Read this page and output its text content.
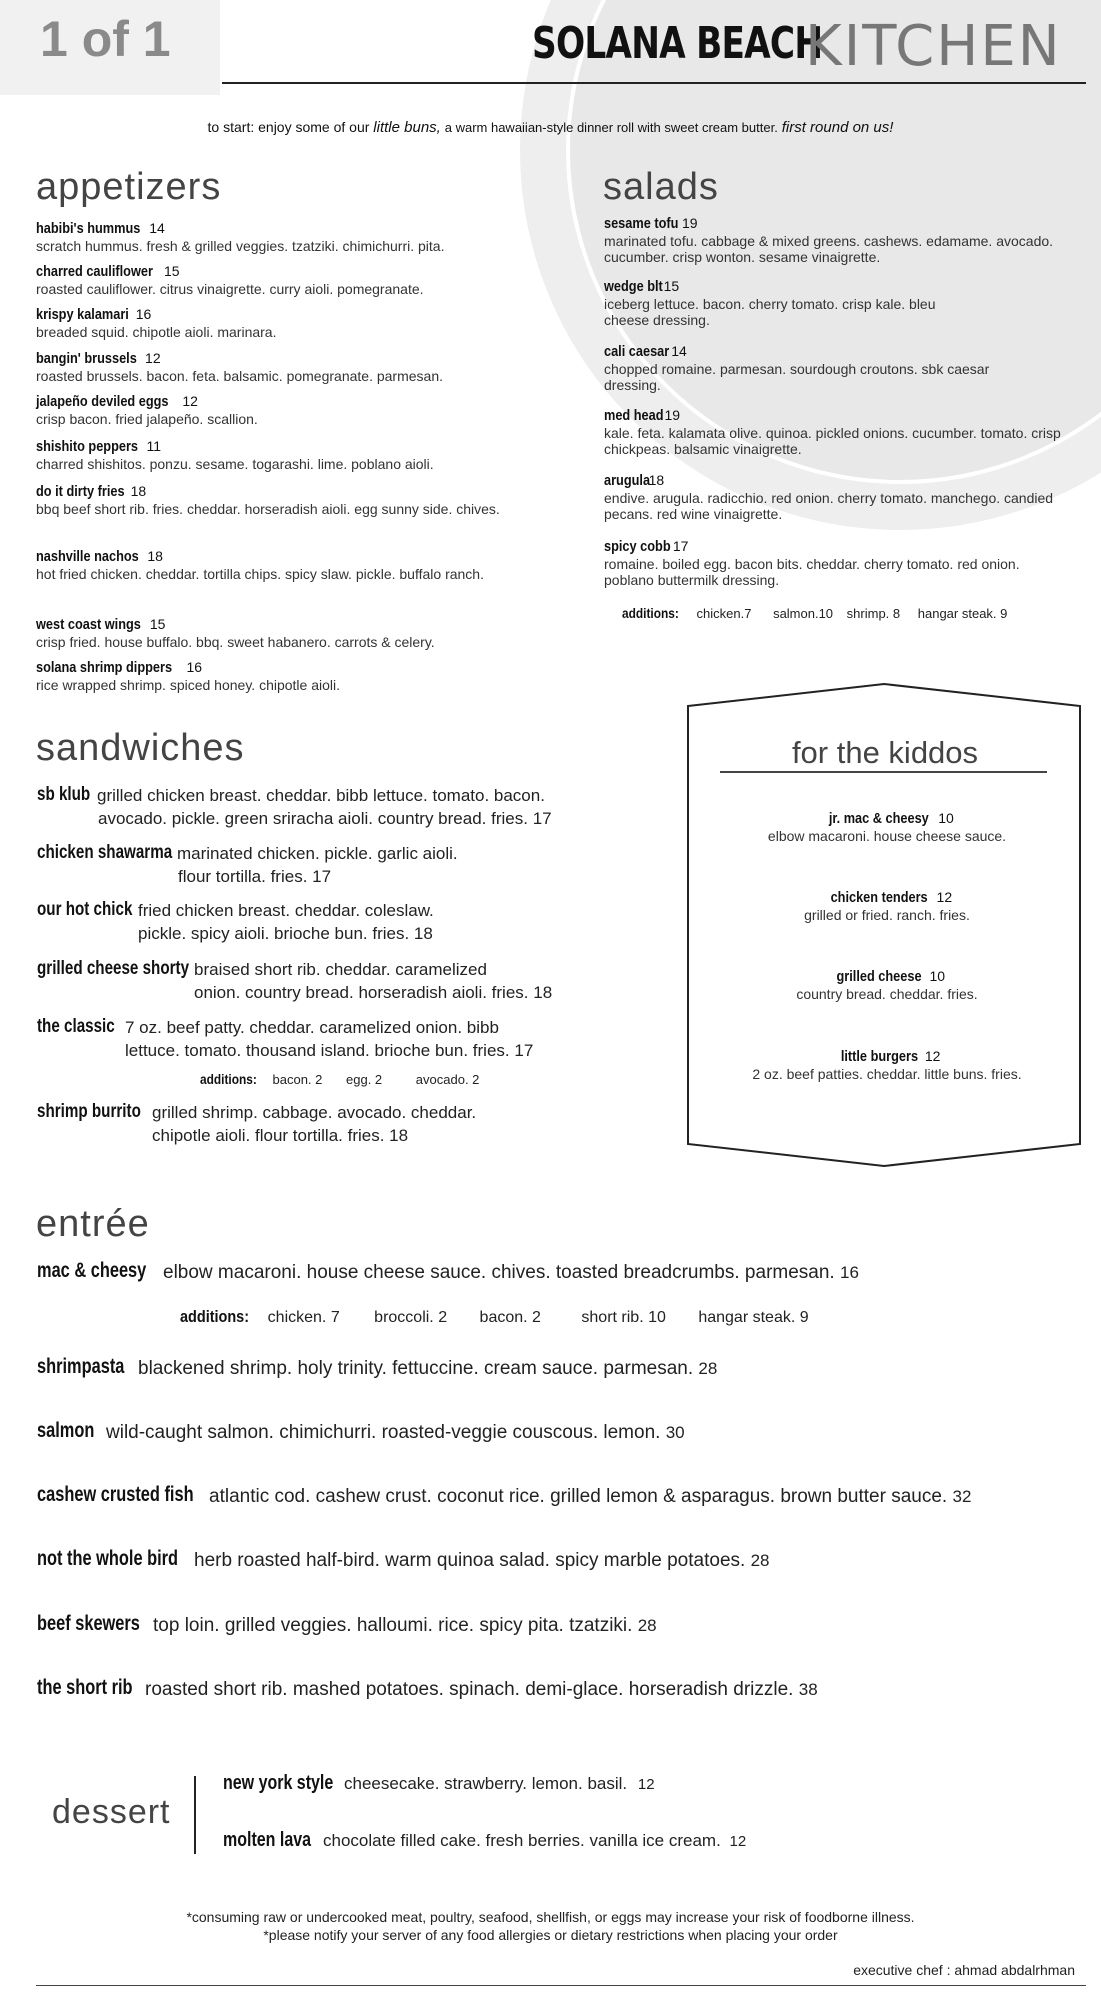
1 of 1	SOLANA BEACH
KITCHEN
to start: enjoy some of our little buns, a warm hawaiian-style dinner roll with sweet cream butter. first round on us!
appetizers
habibi's hummus 14
scratch hummus. fresh & grilled veggies. tzatziki. chimichurri. pita.
charred cauliflower 15
roasted cauliflower. citrus vinaigrette. curry aioli. pomegranate.
krispy kalamari 16
breaded squid. chipotle aioli. marinara.
bangin' brussels 12
roasted brussels. bacon. feta. balsamic. pomegranate. parmesan.
jalapeño deviled eggs 12
crisp bacon. fried jalapeño. scallion.
shishito peppers 11
charred shishitos. ponzu. sesame. togarashi. lime. poblano aioli.
do it dirty fries 18
bbq beef short rib. fries. cheddar. horseradish aioli. egg sunny side. chives.
nashville nachos 18
hot fried chicken. cheddar. tortilla chips. spicy slaw. pickle. buffalo ranch.
west coast wings 15
crisp fried. house buffalo. bbq. sweet habanero. carrots & celery.
solana shrimp dippers 16
rice wrapped shrimp. spiced honey. chipotle aioli.
salads
sesame tofu 19
marinated tofu. cabbage & mixed greens. cashews. edamame. avocado. cucumber. crisp wonton. sesame vinaigrette.
wedge blt 15
iceberg lettuce. bacon. cherry tomato. crisp kale. bleu cheese dressing.
cali caesar 14
chopped romaine. parmesan. sourdough croutons. sbk caesar dressing.
med head 19
kale. feta. kalamata olive. quinoa. pickled onions. cucumber. tomato. crisp chickpeas. balsamic vinaigrette.
arugula 18
endive. arugula. radicchio. red onion. cherry tomato. manchego. candied pecans. red wine vinaigrette.
spicy cobb 17
romaine. boiled egg. bacon bits. cheddar. cherry tomato. red onion. poblano buttermilk dressing.
additions: chicken.7 salmon.10 shrimp. 8 hangar steak. 9
sandwiches
sb klub grilled chicken breast. cheddar. bibb lettuce. tomato. bacon.
avocado. pickle. green sriracha aioli. country bread. fries. 17
chicken shawarma marinated chicken. pickle. garlic aioli.
flour tortilla. fries. 17
our hot chick fried chicken breast. cheddar. coleslaw.
pickle. spicy aioli. brioche bun. fries. 18
grilled cheese shorty braised short rib. cheddar. caramelized
onion. country bread. horseradish aioli. fries. 18
the classic 7 oz. beef patty. cheddar. caramelized onion. bibb
lettuce. tomato. thousand island. brioche bun. fries. 17
additions: bacon. 2 egg. 2	avocado. 2
shrimp burrito grilled shrimp. cabbage. avocado. cheddar.
chipotle aioli. flour tortilla. fries. 18
for the kiddos
jr. mac & cheesy 10
elbow macaroni. house cheese sauce.
chicken tenders 12
grilled or fried. ranch. fries.
grilled cheese 10
country bread. cheddar. fries.
little burgers 12
2 oz. beef patties. cheddar. little buns. fries.
entrée
mac & cheesy elbow macaroni. house cheese sauce. chives. toasted breadcrumbs. parmesan. 16
additions: chicken. 7 broccoli. 2 bacon. 2	short rib. 10 hangar steak. 9
shrimpasta blackened shrimp. holy trinity. fettuccine. cream sauce. parmesan. 28
salmon wild-caught salmon. chimichurri. roasted-veggie couscous. lemon. 30
cashew crusted fish atlantic cod. cashew crust. coconut rice. grilled lemon & asparagus. brown butter sauce. 32
not the whole bird herb roasted half-bird. warm quinoa salad. spicy marble potatoes. 28
beef skewers top loin. grilled veggies. halloumi. rice. spicy pita. tzatziki. 28
the short rib roasted short rib. mashed potatoes. spinach. demi-glace. horseradish drizzle. 38
dessert
new york style cheesecake. strawberry. lemon. basil. 12
molten lava chocolate filled cake. fresh berries. vanilla ice cream. 12
*consuming raw or undercooked meat, poultry, seafood, shellfish, or eggs may increase your risk of foodborne illness.
*please notify your server of any food allergies or dietary restrictions when placing your order
executive chef : ahmad abdalrhman
